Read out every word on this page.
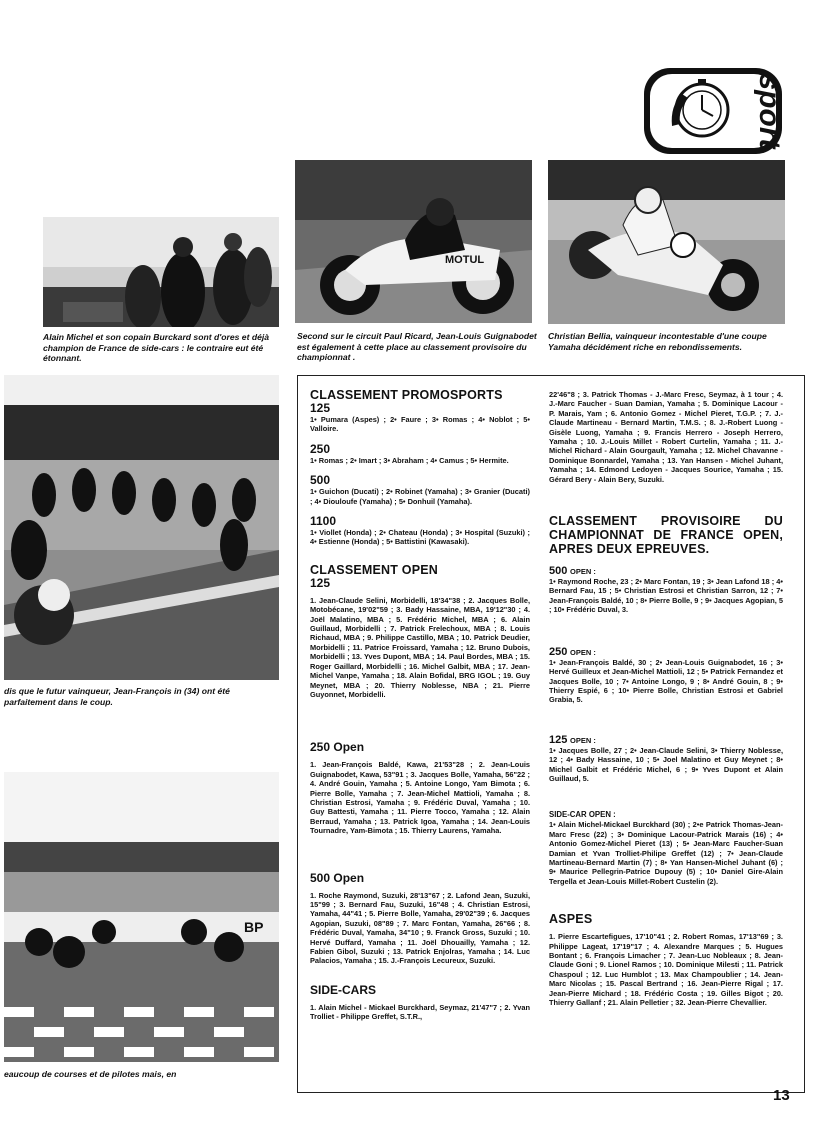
sport
Alain Michel et son copain Burckard sont d'ores et déjà champion de France de side-cars : le contraire eut été étonnant.
MOTUL
Second sur le circuit Paul Ricard, Jean-Louis Guignabodet est également à cette place au classement provisoire du championnat .
Christian Bellia, vainqueur incontestable d'une coupe Yamaha décidément riche en rebondissements.
dis que le futur vainqueur, Jean-François in (34) ont été parfaitement dans le coup.
BP
eaucoup de courses et de pilotes mais, en
CLASSEMENT PROMOSPORTS
125

1• Pumara (Aspes) ; 2• Faure ; 3• Romas ; 4• Noblot ; 5• Valloire.

250

1• Romas ; 2• Imart ; 3• Abraham ; 4• Camus ; 5• Hermite.

500

1• Guichon (Ducati) ; 2• Robinet (Yamaha) ; 3• Granier (Ducati) ; 4• Diouloufe (Yamaha) ; 5• Donhuil (Yamaha).

1100

1• Viollet (Honda) ; 2• Chateau (Honda) ; 3• Hospital (Suzuki) ; 4• Estienne (Honda) ; 5• Battistini (Kawasaki).

CLASSEMENT OPEN
125

1. Jean-Claude Selini, Morbidelli, 18'34"38 ; 2. Jacques Bolle, Motobécane, 19'02"59 ; 3. Bady Hassaine, MBA, 19'12"30 ; 4. Joël Malatino, MBA ; 5. Frédéric Michel, MBA ; 6. Alain Guillaud, Morbidelli ; 7. Patrick Frelechoux, MBA ; 8. Louis Richaud, MBA ; 9. Philippe Castillo, MBA ; 10. Patrick Deudier, Morbidelli ; 11. Patrice Froissard, Yamaha ; 12. Bruno Dubois, Morbidelli ; 13. Yves Dupont, MBA ; 14. Paul Bordes, MBA ; 15. Roger Gaillard, Morbidelli ; 16. Michel Galbit, MBA ; 17. Jean-Michel Vanpe, Yamaha ; 18. Alain Bofidal, BRG IGOL ; 19. Guy Meynet, MBA ; 20. Thierry Noblesse, NBA ; 21. Pierre Guyonnet, Morbidelli.

250 Open

1. Jean-François Baldé, Kawa, 21'53"28 ; 2. Jean-Louis Guignabodet, Kawa, 53"91 ; 3. Jacques Bolle, Yamaha, 56"22 ; 4. André Gouin, Yamaha ; 5. Antoine Longo, Yam Bimota ; 6. Pierre Bolle, Yamaha ; 7. Jean-Michel Mattioli, Yamaha ; 8. Christian Estrosi, Yamaha ; 9. Frédéric Duval, Yamaha ; 10. Guy Battesti, Yamaha ; 11. Pierre Tocco, Yamaha ; 12. Alain Berraud, Yamaha ; 13. Patrick Igoa, Yamaha ; 14. Jean-Louis Tournadre, Yam-Bimota ; 15. Thierry Laurens, Yamaha.

500 Open

1. Roche Raymond, Suzuki, 28'13"67 ; 2. Lafond Jean, Suzuki, 15"99 ; 3. Bernard Fau, Suzuki, 16"48 ; 4. Christian Estrosi, Yamaha, 44"41 ; 5. Pierre Bolle, Yamaha, 29'02"39 ; 6. Jacques Agopian, Suzuki, 08"89 ; 7. Marc Fontan, Yamaha, 26"66 ; 8. Frédéric Duval, Yamaha, 34"10 ; 9. Franck Gross, Suzuki ; 10. Hervé Duffard, Yamaha ; 11. Joël Dhouailly, Yamaha ; 12. Fabien Gibol, Suzuki ; 13. Patrick Enjolras, Yamaha ; 14. Luc Palacios, Yamaha ; 15. J.-François Lecureux, Suzuki.

SIDE-CARS

1. Alain Michel - Mickael Burckhard, Seymaz, 21'47"7 ; 2. Yvan Trolliet - Philippe Greffet, S.T.R.,

22'46"8 ; 3. Patrick Thomas - J.-Marc Fresc, Seymaz, à 1 tour ; 4. J.-Marc Faucher - Suan Damian, Yamaha ; 5. Dominique Lacour - P. Marais, Yam ; 6. Antonio Gomez - Michel Pieret, T.G.P. ; 7. J.-Claude Martineau - Bernard Martin, T.M.S. ; 8. J.-Robert Luong - Gisèle Luong, Yamaha ; 9. Francis Herrero - Joseph Herrero, Yamaha ; 10. J.-Louis Millet - Robert Curtelin, Yamaha ; 11. J.-Michel Richard - Alain Gourgault, Yamaha ; 12. Michel Chavanne - Dominique Bonnardel, Yamaha ; 13. Yan Hansen - Michel Juhant, Yamaha ; 14. Edmond Ledoyen - Jacques Sourice, Yamaha ; 15. Gérard Bery - Alain Bery, Suzuki.

CLASSEMENT PROVISOIRE DU CHAMPIONNAT DE FRANCE OPEN, APRES DEUX EPREUVES.
500 OPEN :

1• Raymond Roche, 23 ; 2• Marc Fontan, 19 ; 3• Jean Lafond 18 ; 4• Bernard Fau, 15 ; 5• Christian Estrosi et Christian Sarron, 12 ; 7• Jean-François Baldé, 10 ; 8• Pierre Bolle, 9 ; 9• Jacques Agopian, 5 ; 10• Frédéric Duval, 3.

250 OPEN :

1• Jean-François Baldé, 30 ; 2• Jean-Louis Guignabodet, 16 ; 3• Hervé Guilleux et Jean-Michel Mattioli, 12 ; 5• Patrick Fernandez et Jacques Bolle, 10 ; 7• Antoine Longo, 9 ; 8• André Gouin, 8 ; 9• Thierry Espié, 6 ; 10• Pierre Bolle, Christian Estrosi et Gabriel Grabia, 5.

125 OPEN :

1• Jacques Bolle, 27 ; 2• Jean-Claude Selini, 3• Thierry Noblesse, 12 ; 4• Bady Hassaine, 10 ; 5• Joel Malatino et Guy Meynet ; 8• Michel Galbit et Frédéric Michel, 6 ; 9• Yves Dupont et Alain Guillaud, 5.

SIDE-CAR OPEN :

1• Alain Michel-Mickael Burckhard (30) ; 2•e Patrick Thomas-Jean-Marc Fresc (22) ; 3• Dominique Lacour-Patrick Marais (16) ; 4• Antonio Gomez-Michel Pieret (13) ; 5• Jean-Marc Faucher-Suan Damian et Yvan Trolliet-Philipe Greffet (12) ; 7• Jean-Claude Martineau-Bernard Martin (7) ; 8• Yan Hansen-Michel Juhant (6) ; 9• Maurice Pellegrin-Patrice Dupouy (5) ; 10• Daniel Gire-Alain Tergella et Jean-Louis Millet-Robert Custelin (2).

ASPES

1. Pierre Escartefigues, 17'10"41 ; 2. Robert Romas, 17'13"69 ; 3. Philippe Lageat, 17'19"17 ; 4. Alexandre Marques ; 5. Hugues Bontant ; 6. François Limacher ; 7. Jean-Luc Nobleaux ; 8. Jean-Claude Goni ; 9. Lionel Ramos ; 10. Dominique Milesti ; 11. Patrick Chaspoul ; 12. Luc Humblot ; 13. Max Champoublier ; 14. Jean-Marc Nicolas ; 15. Pascal Bertrand ; 16. Jean-Pierre Rigal ; 17. Jean-Pierre Michard ; 18. Frédéric Costa ; 19. Gilles Bigot ; 20. Thierry Gallanf ; 21. Alain Pelletier ; 32. Jean-Pierre Chevallier.

13
